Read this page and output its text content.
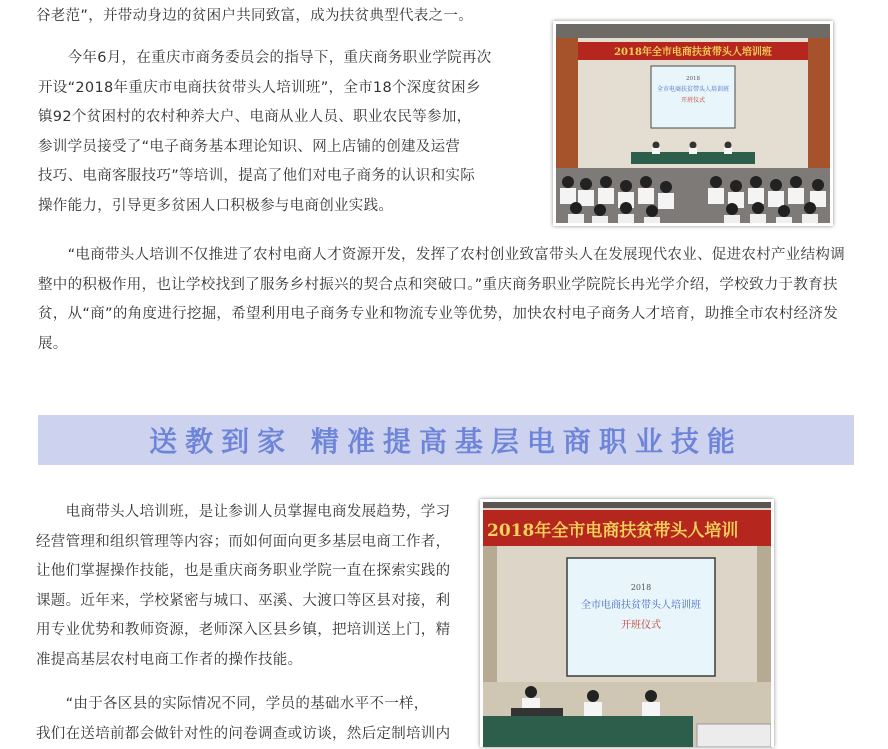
谷老范”，并带动身边的贫困户共同致富，成为扶贫典型代表之一。
　　今年6月，在重庆市商务委员会的指导下，重庆商务职业学院再次
开设“2018年重庆市电商扶贫带头人培训班”，全市18个深度贫困乡
镇92个贫困村的农村种养大户、电商从业人员、职业农民等参加，
参训学员接受了“电子商务基本理论知识、网上店铺的创建及运营
技巧、电商客服技巧”等培训，提高了他们对电子商务的认识和实际
操作能力，引导更多贫困人口积极参与电商创业实践。
2018年全市电商扶贫带头人培训班
2018
全市电商扶贫带头人培训班
开班仪式
　　“电商带头人培训不仅推进了农村电商人才资源开发，发挥了农村创业致富带头人在发展现代农业、促进农村产业结构调
整中的积极作用，也让学校找到了服务乡村振兴的契合点和突破口。”重庆商务职业学院院长冉光学介绍，学校致力于教育扶
贫，从“商”的角度进行挖掘，希望利用电子商务专业和物流专业等优势，加快农村电子商务人才培育，助推全市农村经济发
展。
送教到家 精准提高基层电商职业技能
　　电商带头人培训班，是让参训人员掌握电商发展趋势，学习
经营管理和组织管理等内容；而如何面向更多基层电商工作者，
让他们掌握操作技能，也是重庆商务职业学院一直在探索实践的
课题。近年来，学校紧密与城口、巫溪、大渡口等区县对接，利
用专业优势和教师资源，老师深入区县乡镇，把培训送上门，精
准提高基层农村电商工作者的操作技能。
　　“由于各区县的实际情况不同，学员的基础水平不一样，
我们在送培前都会做针对性的问卷调查或访谈，然后定制培训内
2018年全市电商扶贫带头人培训
2018
全市电商扶贫带头人培训班
开班仪式
